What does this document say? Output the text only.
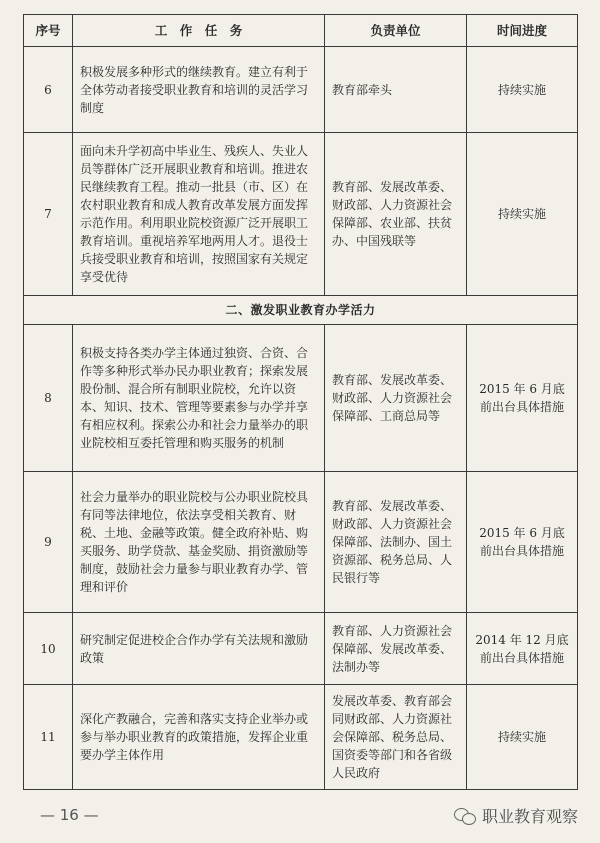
序号	工　作　任　务	负责单位	时间进度
6	积极发展多种形式的继续教育。建立有利于全体劳动者接受职业教育和培训的灵活学习制度	教育部牵头	持续实施
7	面向未升学初高中毕业生、残疾人、失业人员等群体广泛开展职业教育和培训。推进农民继续教育工程。推动一批县（市、区）在农村职业教育和成人教育改革发展方面发挥示范作用。利用职业院校资源广泛开展职工教育培训。重视培养军地两用人才。退役士兵接受职业教育和培训，按照国家有关规定享受优待	教育部、发展改革委、财政部、人力资源社会保障部、农业部、扶贫办、中国残联等	持续实施
二、激发职业教育办学活力			
8	积极支持各类办学主体通过独资、合资、合作等多种形式举办民办职业教育；探索发展股份制、混合所有制职业院校，允许以资本、知识、技术、管理等要素参与办学并享有相应权利。探索公办和社会力量举办的职业院校相互委托管理和购买服务的机制	教育部、发展改革委、财政部、人力资源社会保障部、工商总局等	2015 年 6 月底前出台具体措施
9	社会力量举办的职业院校与公办职业院校具有同等法律地位，依法享受相关教育、财税、土地、金融等政策。健全政府补贴、购买服务、助学贷款、基金奖励、捐资激励等制度，鼓励社会力量参与职业教育办学、管理和评价	教育部、发展改革委、财政部、人力资源社会保障部、法制办、国土资源部、税务总局、人民银行等	2015 年 6 月底前出台具体措施
10	研究制定促进校企合作办学有关法规和激励政策	教育部、人力资源社会保障部、发展改革委、法制办等	2014 年 12 月底前出台具体措施
11	深化产教融合，完善和落实支持企业举办或参与举办职业教育的政策措施，发挥企业重要办学主体作用	发展改革委、教育部会同财政部、人力资源社会保障部、税务总局、国资委等部门和各省级人民政府	持续实施
— 16 —	职业教育观察
